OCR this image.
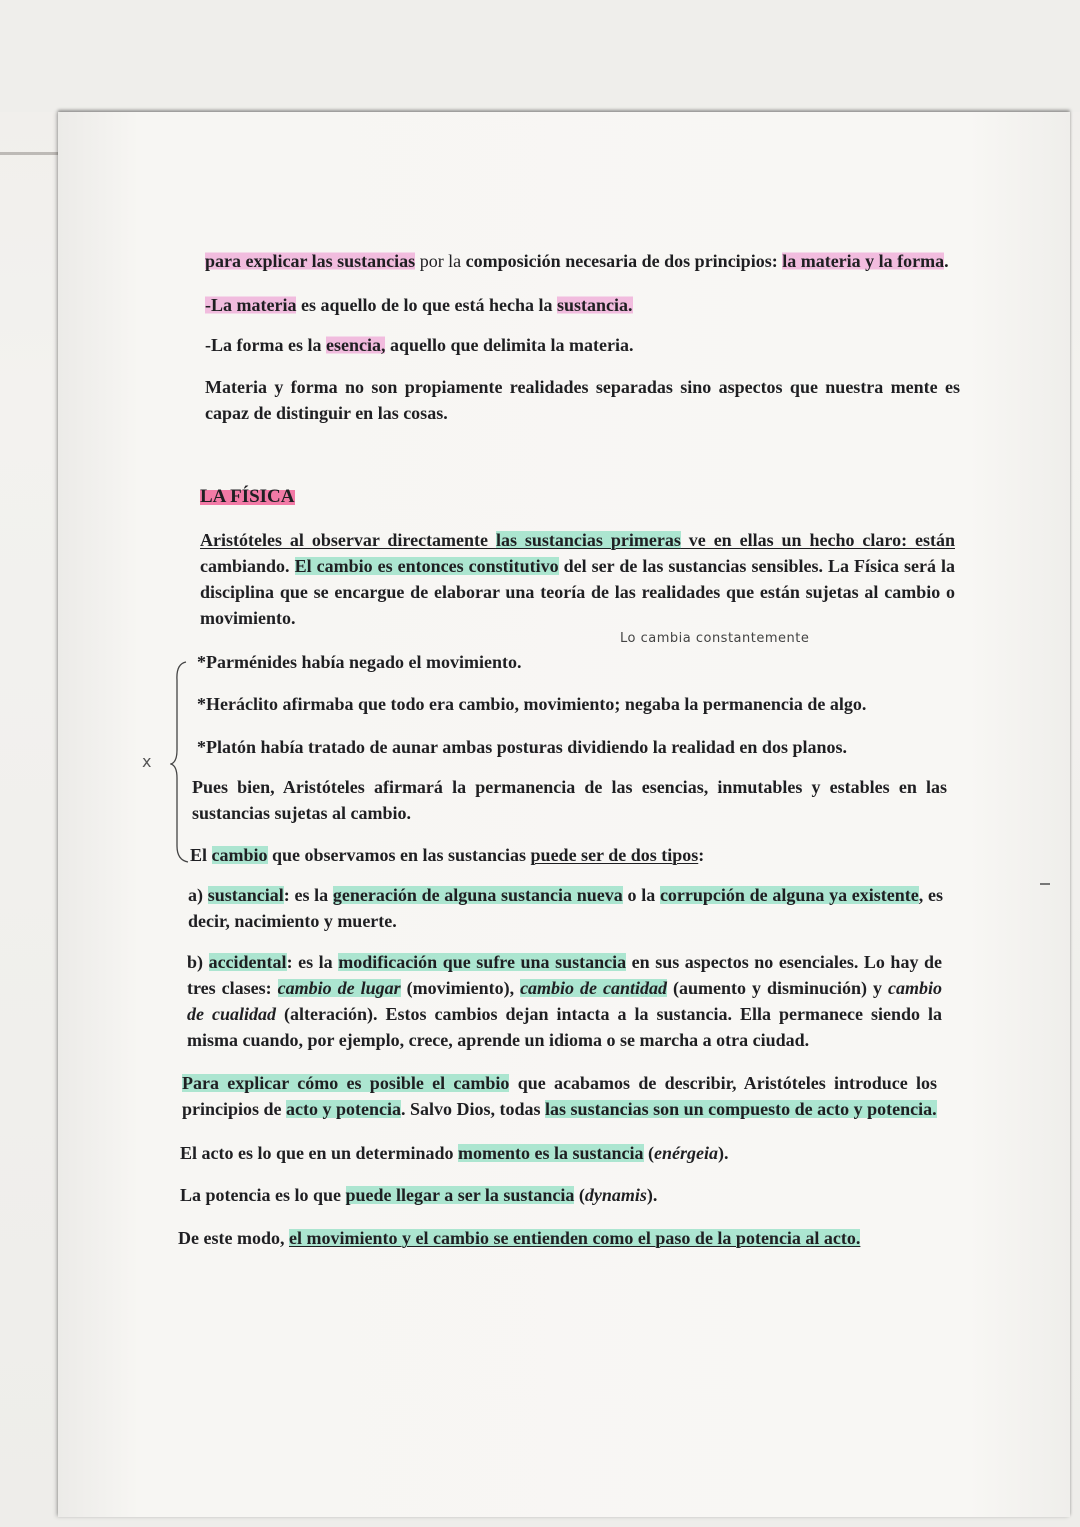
para explicar las sustancias por la composición necesaria de dos principios: la materia y la forma.
-La materia es aquello de lo que está hecha la sustancia.
-La forma es la esencia, aquello que delimita la materia.
Materia y forma no son propiamente realidades separadas sino aspectos que nuestra mente es capaz de distinguir en las cosas.
LA FÍSICA
Aristóteles al observar directamente las sustancias primeras ve en ellas un hecho claro: están cambiando. El cambio es entonces constitutivo del ser de las sustancias sensibles. La Física será la disciplina que se encargue de elaborar una teoría de las realidades que están sujetas al cambio o movimiento.
Lo cambia constantemente
*Parménides había negado el movimiento.
*Heráclito afirmaba que todo era cambio, movimiento; negaba la permanencia de algo.
*Platón había tratado de aunar ambas posturas dividiendo la realidad en dos planos.
Pues bien, Aristóteles afirmará la permanencia de las esencias, inmutables y estables en las sustancias sujetas al cambio.
El cambio que observamos en las sustancias puede ser de dos tipos:
a) sustancial: es la generación de alguna sustancia nueva o la corrupción de alguna ya existente, es decir, nacimiento y muerte.
b) accidental: es la modificación que sufre una sustancia en sus aspectos no esenciales. Lo hay de tres clases: cambio de lugar (movimiento), cambio de cantidad (aumento y disminución) y cambio de cualidad (alteración). Estos cambios dejan intacta a la sustancia. Ella permanece siendo la misma cuando, por ejemplo, crece, aprende un idioma o se marcha a otra ciudad.
Para explicar cómo es posible el cambio que acabamos de describir, Aristóteles introduce los principios de acto y potencia. Salvo Dios, todas las sustancias son un compuesto de acto y potencia.
El acto es lo que en un determinado momento es la sustancia (enérgeia).
La potencia es lo que puede llegar a ser la sustancia (dynamis).
De este modo, el movimiento y el cambio se entienden como el paso de la potencia al acto.
x
